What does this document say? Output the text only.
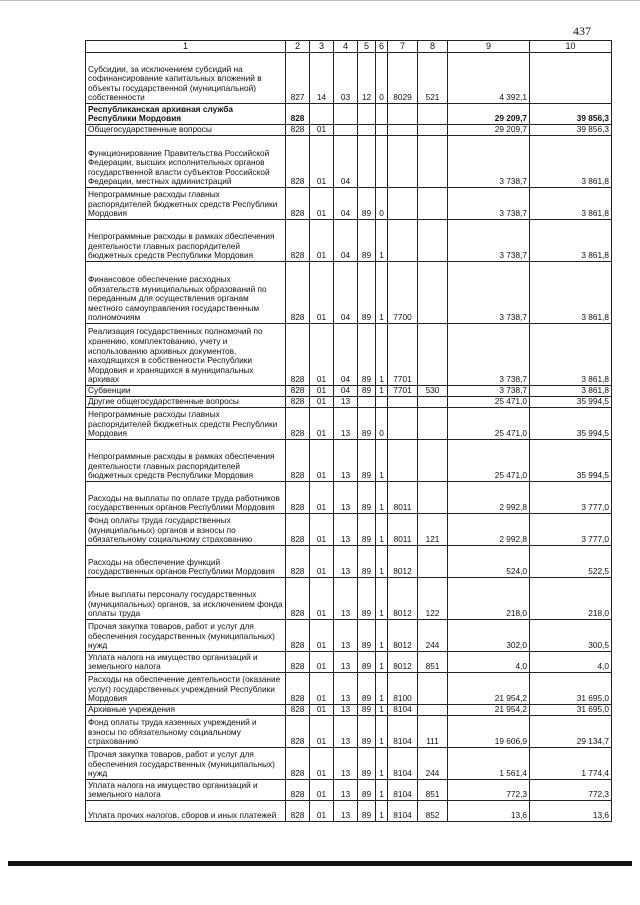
437
1	2	3	4	5	6	7	8	9	10
Субсидии, за исключением субсидий на софинансирование капитальных вложений в объекты государственной (муниципальной) собственности	827	14	03	12	0	8029	521	4 392,1	
Республиканская архивная служба Республики Мордовия	828							29 209,7	39 856,3
Общегосударственные вопросы	828	01						29 209,7	39 856,3
Функционирование Правительства Российской Федерации, высших исполнительных органов государственной власти субъектов Российской Федерации, местных администраций	828	01	04					3 738,7	3 861,8
Непрограммные расходы главных распорядителей бюджетных средств Республики Мордовия	828	01	04	89	0			3 738,7	3 861,8
Непрограммные расходы в рамках обеспечения деятельности главных распорядителей бюджетных средств Республики Мордовия	828	01	04	89	1			3 738,7	3 861,8
Финансовое обеспечение расходных обязательств муниципальных образований по переданным для осуществления органам местного самоуправления государственным полномочиям	828	01	04	89	1	7700		3 738,7	3 861,8
Реализация государственных полномочий по хранению, комплектованию, учету и использованию архивных документов, находящихся в собственности Республики Мордовия и хранящихся в муниципальных архивах	828	01	04	89	1	7701		3 738,7	3 861,8
Субвенции	828	01	04	89	1	7701	530	3 738,7	3 861,8
Другие общегосударственные вопросы	828	01	13					25 471,0	35 994,5
Непрограммные расходы главных распорядителей бюджетных средств Республики Мордовия	828	01	13	89	0			25 471,0	35 994,5
Непрограммные расходы в рамках обеспечения деятельности главных распорядителей бюджетных средств Республики Мордовия	828	01	13	89	1			25 471,0	35 994,5
Расходы на выплаты по оплате труда работников государственных органов Республики Мордовия	828	01	13	89	1	8011		2 992,8	3 777,0
Фонд оплаты труда государственных (муниципальных) органов и взносы по обязательному социальному страхованию	828	01	13	89	1	8011	121	2 992,8	3 777,0
Расходы на обеспечение функций государственных органов Республики Мордовия	828	01	13	89	1	8012		524,0	522,5
Иные выплаты персоналу государственных (муниципальных) органов, за исключением фонда оплаты труда	828	01	13	89	1	8012	122	218,0	218,0
Прочая закупка товаров, работ и услуг для обеспечения государственных (муниципальных) нужд	828	01	13	89	1	8012	244	302,0	300,5
Уплата налога на имущество организаций и земельного налога	828	01	13	89	1	8012	851	4,0	4,0
Расходы на обеспечение деятельности (оказание услуг) государственных учреждений Республики Мордовия	828	01	13	89	1	8100		21 954,2	31 695,0
Архивные учреждения	828	01	13	89	1	8104		21 954,2	31 695,0
Фонд оплаты труда казенных учреждений и взносы по обязательному социальному страхованию	828	01	13	89	1	8104	111	19 606,9	29 134,7
Прочая закупка товаров, работ и услуг для обеспечения государственных (муниципальных) нужд	828	01	13	89	1	8104	244	1 561,4	1 774,4
Уплата налога на имущество организаций и земельного налога	828	01	13	89	1	8104	851	772,3	772,3
Уплата прочих налогов, сборов и иных платежей	828	01	13	89	1	8104	852	13,6	13,6
